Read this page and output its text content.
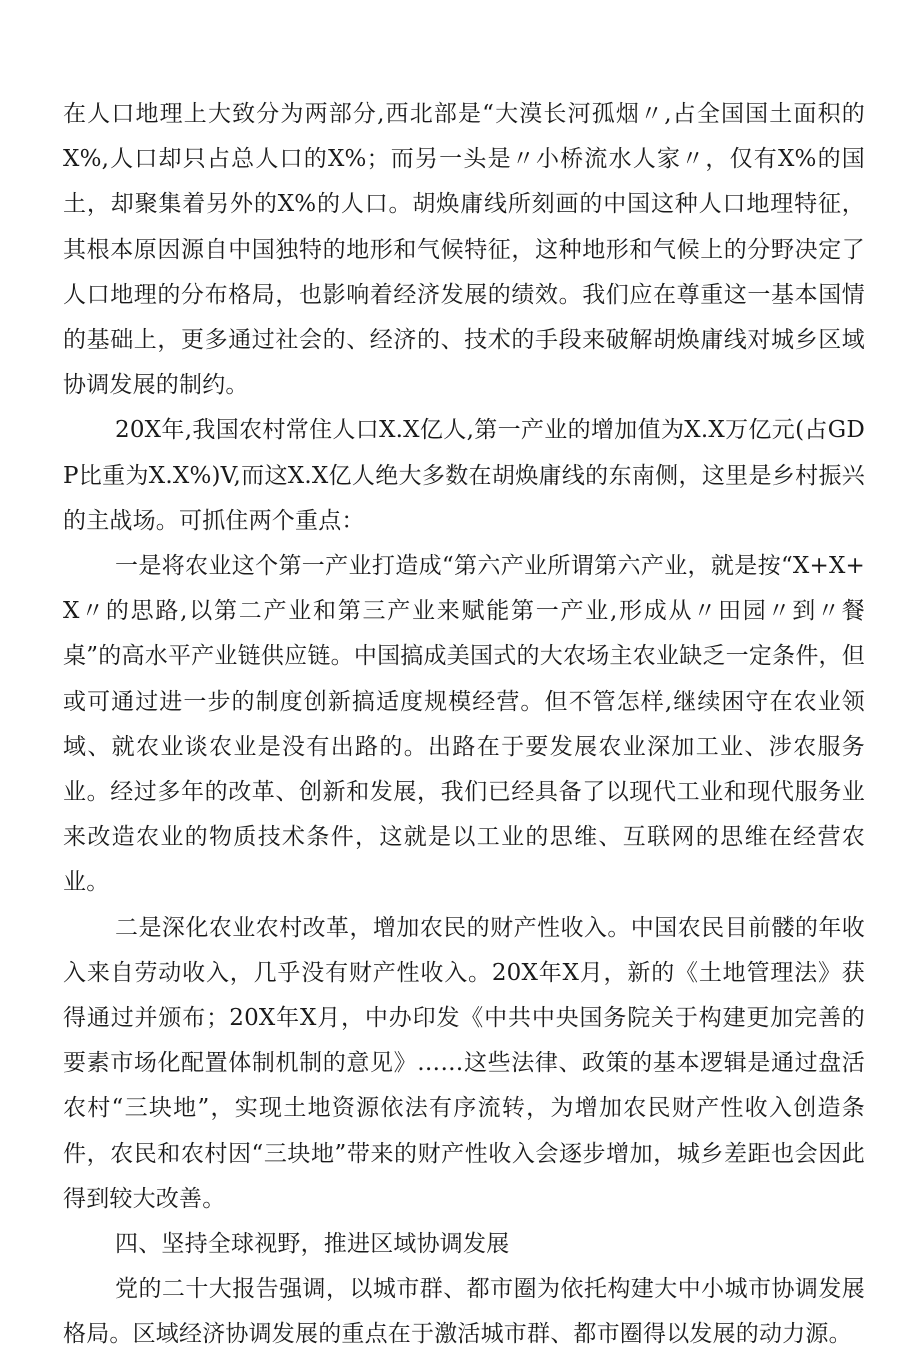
在人口地理上大致分为两部分,西北部是“大漠长河孤烟〃,占全国国土面积的X%,人口却只占总人口的X%；而另一头是〃小桥流水人家〃，仅有X%的国土，却聚集着另外的X%的人口。胡焕庸线所刻画的中国这种人口地理特征，其根本原因源自中国独特的地形和气候特征，这种地形和气候上的分野决定了人口地理的分布格局，也影响着经济发展的绩效。我们应在尊重这一基本国情的基础上，更多通过社会的、经济的、技术的手段来破解胡焕庸线对城乡区域协调发展的制约。

20X年,我国农村常住人口X.X亿人,第一产业的增加值为X.X万亿元(占GDP比重为X.X%)V,而这X.X亿人绝大多数在胡焕庸线的东南侧，这里是乡村振兴的主战场。可抓住两个重点：

一是将农业这个第一产业打造成“第六产业所谓第六产业，就是按“X+X+X〃的思路,以第二产业和第三产业来赋能第一产业,形成从〃田园〃到〃餐桌”的高水平产业链供应链。中国搞成美国式的大农场主农业缺乏一定条件，但或可通过进一步的制度创新搞适度规模经营。但不管怎样,继续困守在农业领域、就农业谈农业是没有出路的。出路在于要发展农业深加工业、涉农服务业。经过多年的改革、创新和发展，我们已经具备了以现代工业和现代服务业来改造农业的物质技术条件，这就是以工业的思维、互联网的思维在经营农业。

二是深化农业农村改革，增加农民的财产性收入。中国农民目前髅的年收入来自劳动收入，几乎没有财产性收入。20X年X月，新的《土地管理法》获得通过并颁布；20X年X月，中办印发《中共中央国务院关于构建更加完善的要素市场化配置体制机制的意见》……这些法律、政策的基本逻辑是通过盘活农村“三块地”，实现土地资源依法有序流转，为增加农民财产性收入创造条件，农民和农村因“三块地”带来的财产性收入会逐步增加，城乡差距也会因此得到较大改善。

四、坚持全球视野，推进区域协调发展

党的二十大报告强调，以城市群、都市圈为依托构建大中小城市协调发展格局。区域经济协调发展的重点在于激活城市群、都市圈得以发展的动力源。
